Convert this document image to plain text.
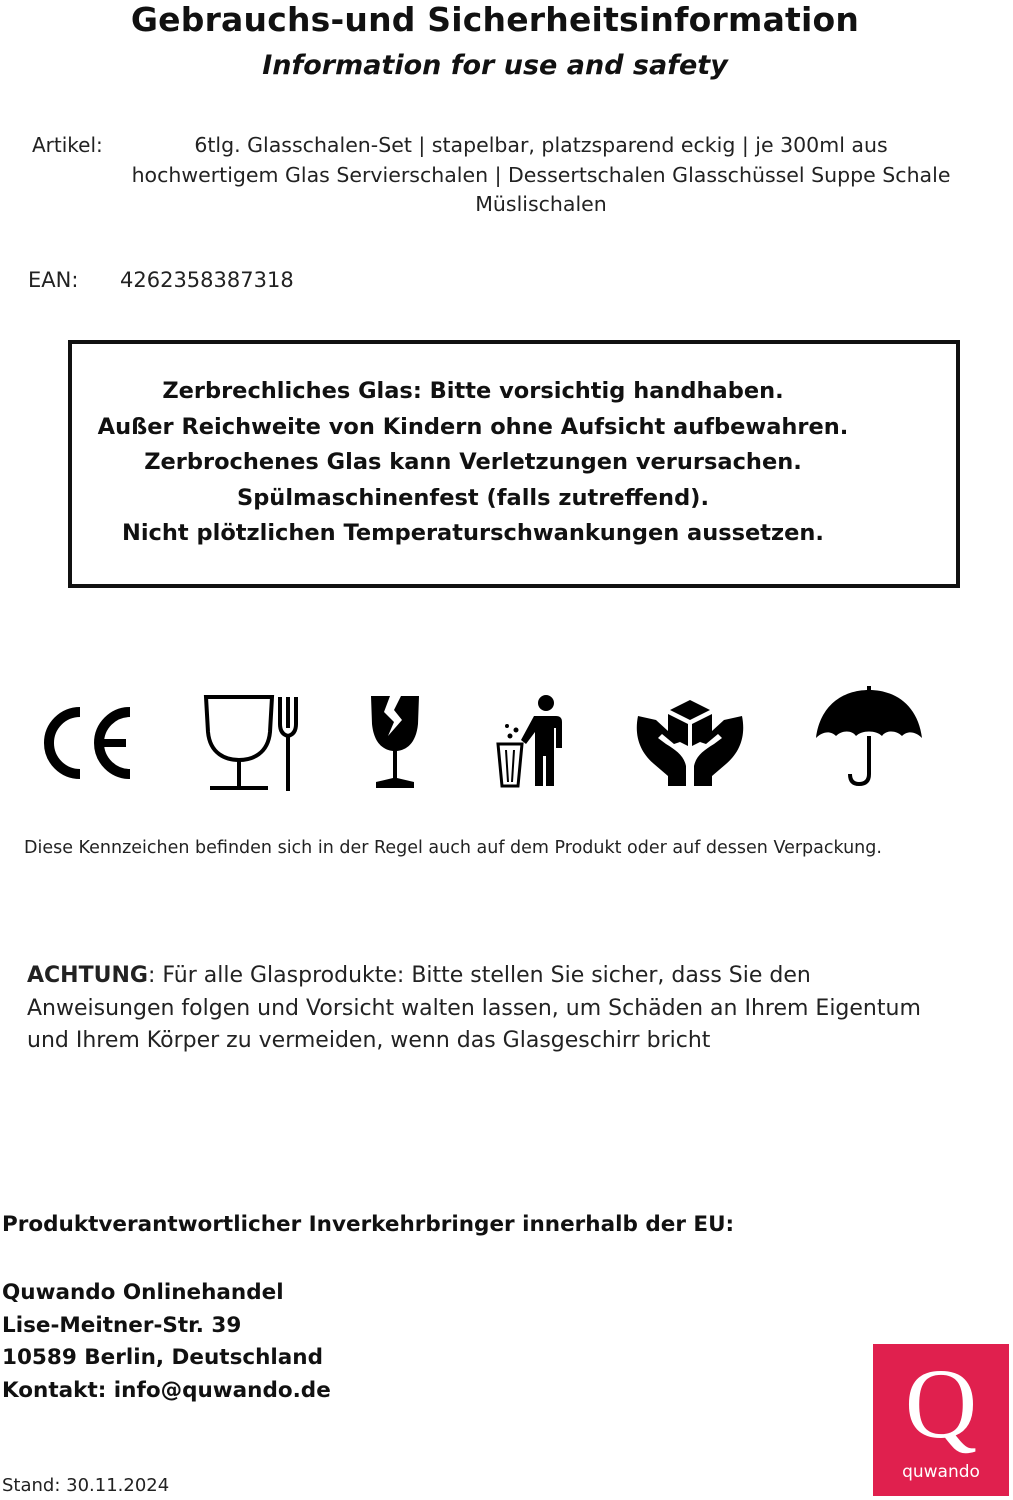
Gebrauchs-und Sicherheitsinformation
Information for use and safety
Artikel:	6tlg. Glasschalen-Set | stapelbar, platzsparend eckig | je 300ml aus
hochwertigem Glas Servierschalen | Dessertschalen Glasschüssel Suppe Schale
Müslischalen
EAN: 4262358387318
Zerbrechliches Glas: Bitte vorsichtig handhaben.
Außer Reichweite von Kindern ohne Aufsicht aufbewahren.
Zerbrochenes Glas kann Verletzungen verursachen.
Spülmaschinenfest (falls zutreffend).
Nicht plötzlichen Temperaturschwankungen aussetzen.
Diese Kennzeichen befinden sich in der Regel auch auf dem Produkt oder auf dessen Verpackung.
ACHTUNG: Für alle Glasprodukte: Bitte stellen Sie sicher, dass Sie den
Anweisungen folgen und Vorsicht walten lassen, um Schäden an Ihrem Eigentum
und Ihrem Körper zu vermeiden, wenn das Glasgeschirr bricht
Produktverantwortlicher Inverkehrbringer innerhalb der EU:
Quwando Onlinehandel
Lise-Meitner-Str. 39
10589 Berlin, Deutschland
Kontakt: info@quwando.de
Stand: 30.11.2024
Q
quwando
